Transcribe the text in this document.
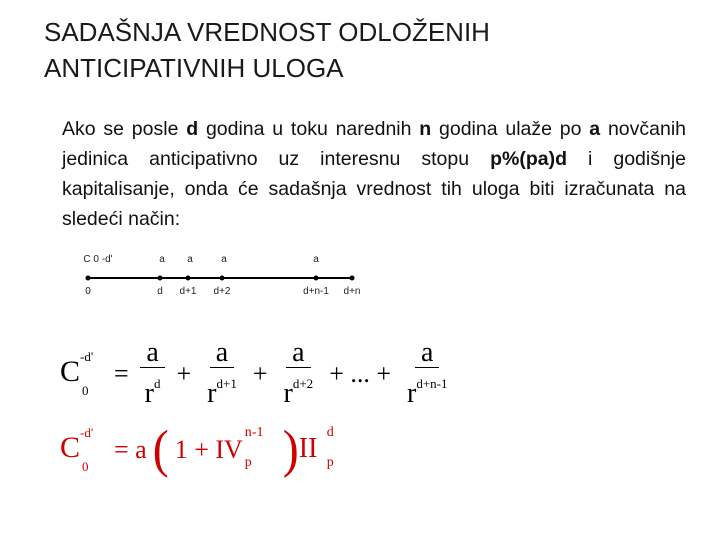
SADAŠNJA VREDNOST ODLOŽENIH ANTICIPATIVNIH ULOGA
Ako se posle d godina u toku narednih n godina ulaže po a novčanih jedinica anticipativno uz interesnu stopu p%(pa)d i godišnje kapitalisanje, onda će sadašnja vrednost tih uloga biti izračunata na sledeći način:
C 0 -d'	a a	a	a
0	d d+1 d+2	d+n-1 d+n
C -d'
0
= $\frac{a}{r^d} + \frac{a}{r^{d+1}} + \frac{a}{r^{d+2}}$ + ... + $\frac{a}{r^{d+n-1}}$
C -d'
0
= a ( 1 + IV
n-1
p ) II
d
p
